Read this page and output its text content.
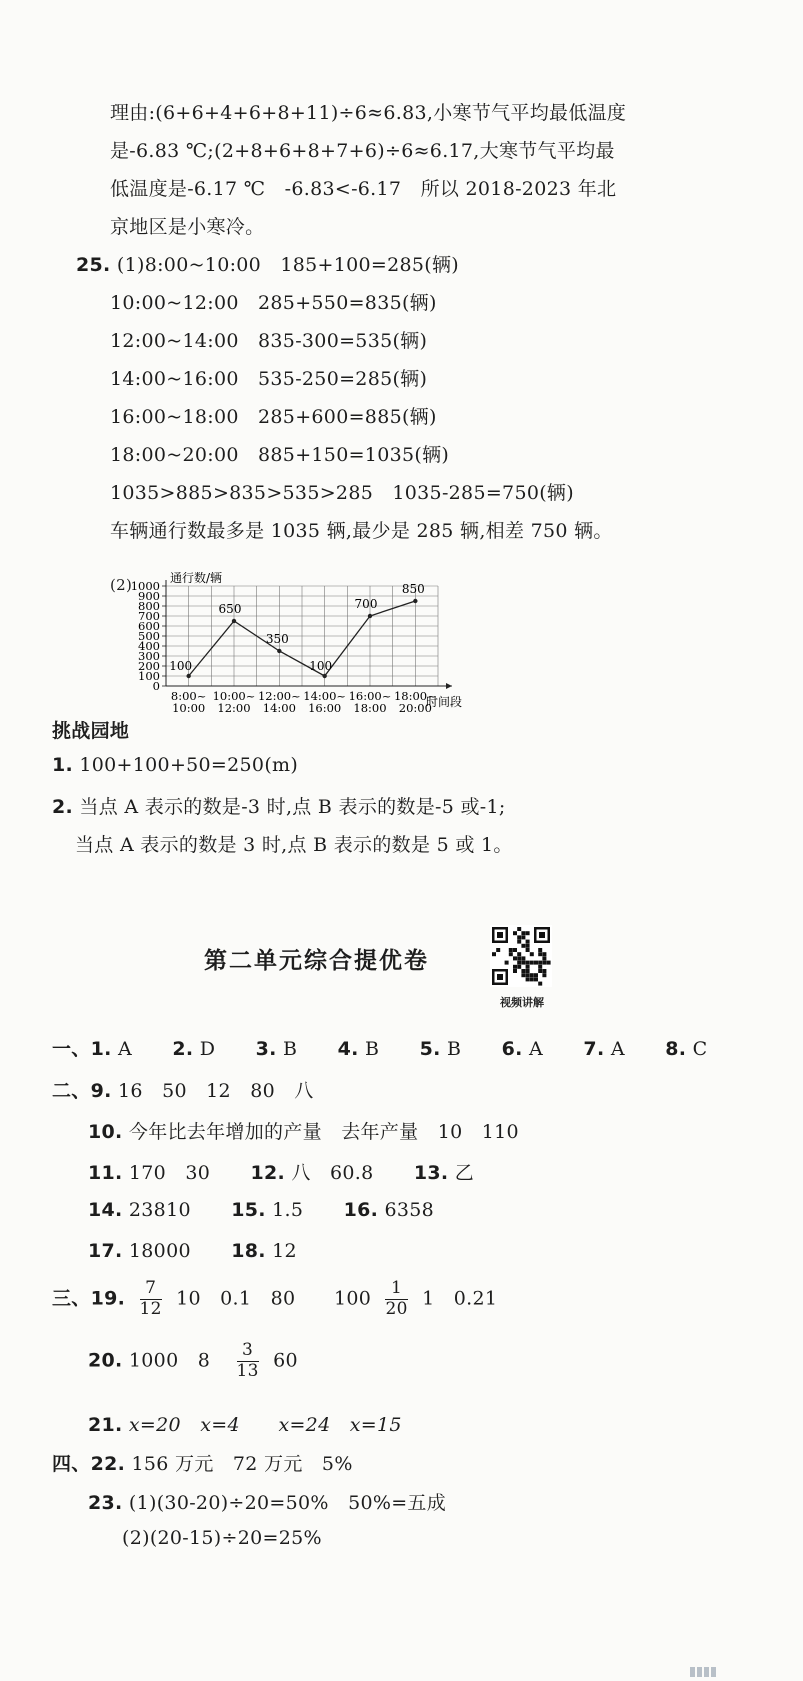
理由:(6+6+4+6+8+11)÷6≈6.83,小寒节气平均最低温度
是-6.83 ℃;(2+8+6+8+7+6)÷6≈6.17,大寒节气平均最
低温度是-6.17 ℃　-6.83<-6.17　所以 2018-2023 年北
京地区是小寒冷。
25. (1)8:00~10:00　185+100=285(辆)
10:00~12:00　285+550=835(辆)
12:00~14:00　835-300=535(辆)
14:00~16:00　535-250=285(辆)
16:00~18:00　285+600=885(辆)
18:00~20:00　885+150=1035(辆)
1035>885>835>535>285　1035-285=750(辆)
车辆通行数最多是 1035 辆,最少是 285 辆,相差 750 辆。
(2)
0
100
200
300
400
500
600
700
800
900
1000
8:00~
10:00
10:00~
12:00
12:00~
14:00
14:00~
16:00
16:00~
18:00
18:00~
20:00
100
650
350
100
700
850
通行数/辆
时间段
挑战园地
1. 100+100+50=250(m)
2. 当点 A 表示的数是-3 时,点 B 表示的数是-5 或-1;
当点 A 表示的数是 3 时,点 B 表示的数是 5 或 1。
第二单元综合提优卷
视频讲解
一、1. A 2. D 3. B 4. B 5. B 6. A 7. A 8. C
二、9. 16　50　12　80　八
10. 今年比去年增加的产量　去年产量　10　110
11. 170　30 12. 八　60.8 13. 乙
14. 23810 15. 1.5 16. 6358
17. 18000 18. 12
三、19. $\frac{7}{12} 10$　0.1　80　　$100 \frac{1}{20} 1$　0.21
20. 1000　$8 \frac{3}{13} 60$
21. x=20　x=4　　x=24　x=15
四、22. 156 万元　72 万元　5%
23. (1)(30-20)÷20=50%　50%=五成
(2)(20-15)÷20=25%
